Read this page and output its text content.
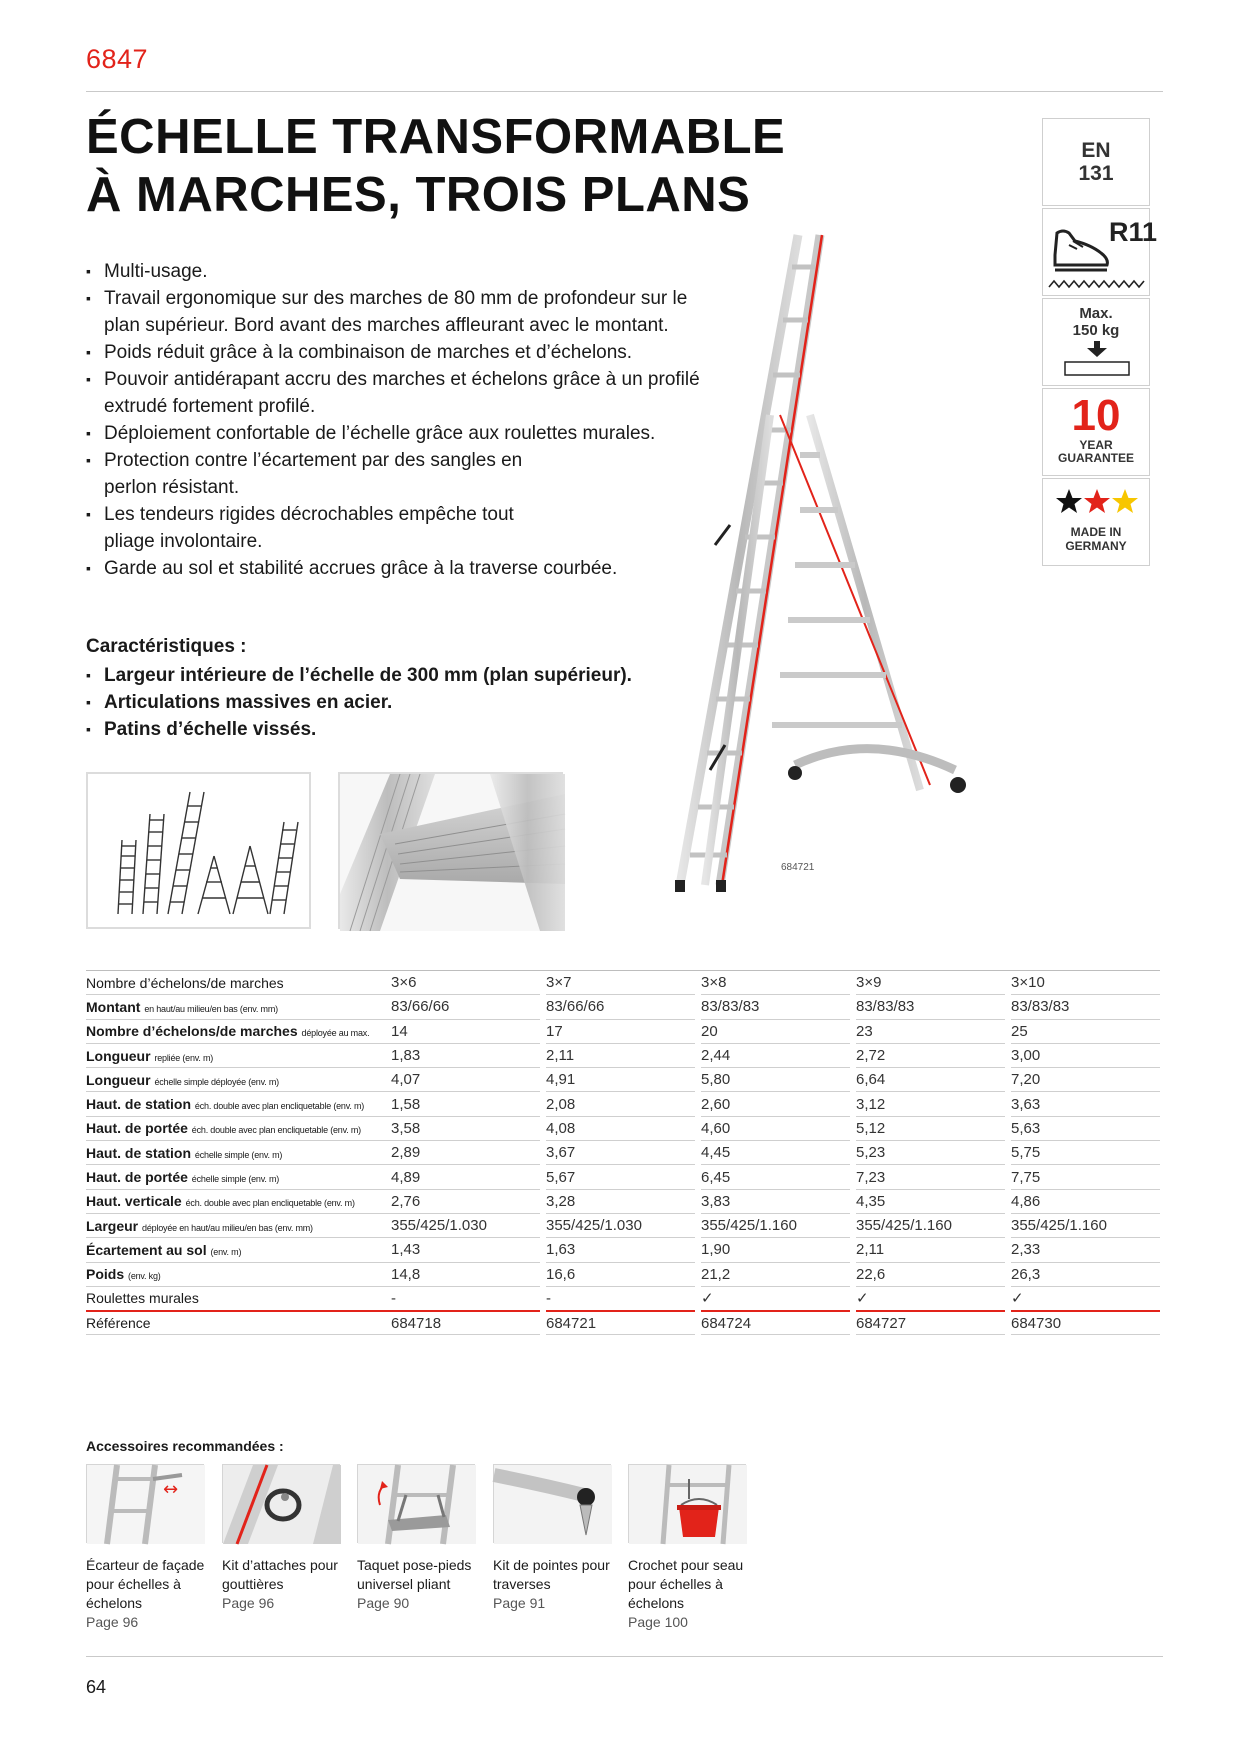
6847
ÉCHELLE TRANSFORMABLE
À MARCHES, TROIS PLANS
▪ Multi-usage.
▪ Travail ergonomique sur des marches de 80 mm de profondeur sur le plan supérieur. Bord avant des marches affleurant avec le montant.
▪ Poids réduit grâce à la combinaison de marches et d’échelons.
▪ Pouvoir antidérapant accru des marches et échelons grâce à un profilé extrudé fortement profilé.
▪ Déploiement confortable de l’échelle grâce aux roulettes murales.
▪ Protection contre l’écartement par des sangles en perlon résistant.
▪ Les tendeurs rigides décrochables empêche tout pliage involontaire.
▪ Garde au sol et stabilité accrues grâce à la traverse courbée.
Caractéristiques :
▪ Largeur intérieure de l’échelle de 300 mm (plan supérieur).
▪ Articulations massives en acier.
▪ Patins d’échelle vissés.
684721
EN
131
R11
Max.
150 kg
10
YEAR
GUARANTEE
MADE IN
GERMANY
Nombre d’échelons/de marches	3×6		3×7		3×8		3×9		3×10
Montant en haut/au milieu/en bas (env. mm)	83/66/66		83/66/66		83/83/83		83/83/83		83/83/83
Nombre d’échelons/de marches déployée au max.	14		17		20		23		25
Longueur repliée (env. m)	1,83		2,11		2,44		2,72		3,00
Longueur échelle simple déployée (env. m)	4,07		4,91		5,80		6,64		7,20
Haut. de station éch. double avec plan encliquetable (env. m)	1,58		2,08		2,60		3,12		3,63
Haut. de portée éch. double avec plan encliquetable (env. m)	3,58		4,08		4,60		5,12		5,63
Haut. de station échelle simple (env. m)	2,89		3,67		4,45		5,23		5,75
Haut. de portée échelle simple (env. m)	4,89		5,67		6,45		7,23		7,75
Haut. verticale éch. double avec plan encliquetable (env. m)	2,76		3,28		3,83		4,35		4,86
Largeur déployée en haut/au milieu/en bas (env. mm)	355/425/1.030		355/425/1.030		355/425/1.160		355/425/1.160		355/425/1.160
Écartement au sol (env. m)	1,43		1,63		1,90		2,11		2,33
Poids (env. kg)	14,8		16,6		21,2		22,6		26,3
Roulettes murales	-		-		✓		✓		✓
Référence	684718		684721		684724		684727		684730
Accessoires recommandées :
↔
Écarteur de façade pour échelles à échelons
Page 96
Kit d’attaches pour gouttières
Page 96
Taquet pose-pieds universel pliant
Page 90
Kit de pointes pour traverses
Page 91
Crochet pour seau pour échelles à échelons
Page 100
64
